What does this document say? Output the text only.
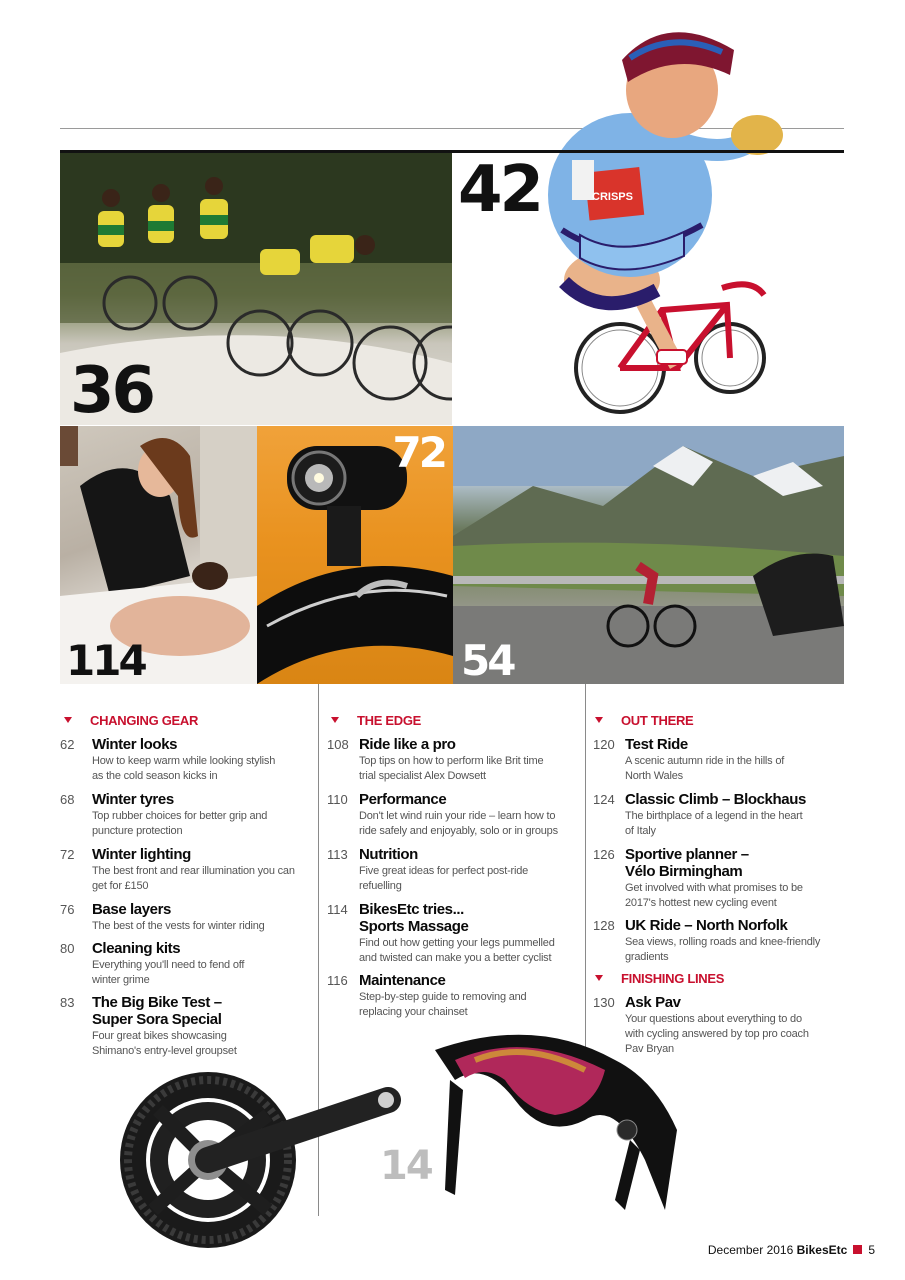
CRISPS
42
36
114
72
54
CHANGING GEAR
62 Winter looks
How to keep warm while looking stylish
as the cold season kicks in
68 Winter tyres
Top rubber choices for better grip and
puncture protection
72 Winter lighting
The best front and rear illumination you can
get for £150
76 Base layers
The best of the vests for winter riding
80 Cleaning kits
Everything you'll need to fend off
winter grime
83 The Big Bike Test –
Super Sora Special
Four great bikes showcasing
Shimano's entry-level groupset
THE EDGE
108 Ride like a pro
Top tips on how to perform like Brit time
trial specialist Alex Dowsett
110 Performance
Don't let wind ruin your ride – learn how to
ride safely and enjoyably, solo or in groups
113 Nutrition
Five great ideas for perfect post-ride
refuelling
114 BikesEtc tries...
Sports Massage
Find out how getting your legs pummelled
and twisted can make you a better cyclist
116 Maintenance
Step-by-step guide to removing and
replacing your chainset
OUT THERE
120 Test Ride
A scenic autumn ride in the hills of
North Wales
124 Classic Climb – Blockhaus
The birthplace of a legend in the heart
of Italy
126 Sportive planner –
Vélo Birmingham
Get involved with what promises to be
2017's hottest new cycling event
128 UK Ride – North Norfolk
Sea views, rolling roads and knee-friendly
gradients
FINISHING LINES
130 Ask Pav
Your questions about everything to do
with cycling answered by top pro coach
Pav Bryan
14
December 2016 BikesEtc 5
